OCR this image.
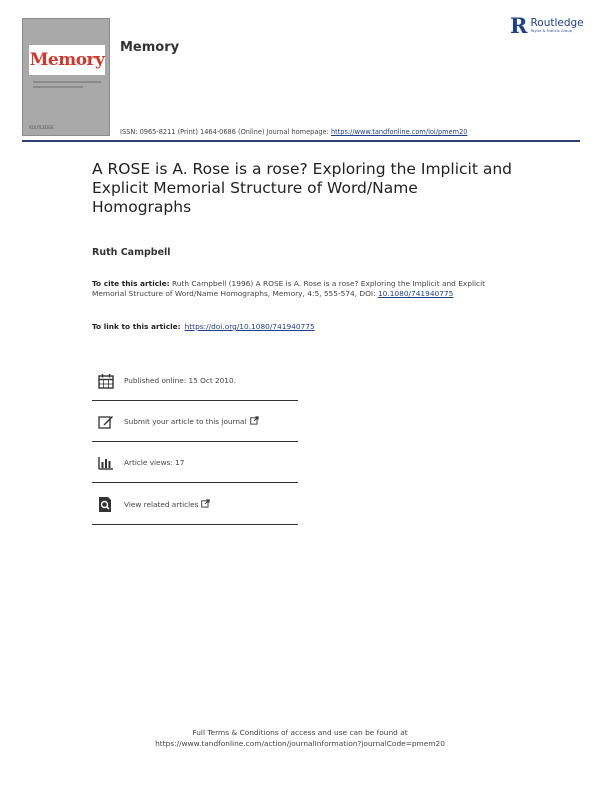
Memory
ROUTLEDGE
Memory
R Routledge
Taylor & Francis Group
ISSN: 0965-8211 (Print) 1464-0686 (Online) Journal homepage: https://www.tandfonline.com/loi/pmem20
A ROSE is A. Rose is a rose? Exploring the Implicit and Explicit Memorial Structure of Word/Name Homographs
Ruth Campbell
To cite this article: Ruth Campbell (1996) A ROSE is A. Rose is a rose? Exploring the Implicit and Explicit Memorial Structure of Word/Name Homographs, Memory, 4:5, 555-574, DOI: 10.1080/741940775
To link to this article: https://doi.org/10.1080/741940775
Published online: 15 Oct 2010.
Submit your article to this journal
Article views: 17
View related articles
Full Terms & Conditions of access and use can be found at
https://www.tandfonline.com/action/journalInformation?journalCode=pmem20
